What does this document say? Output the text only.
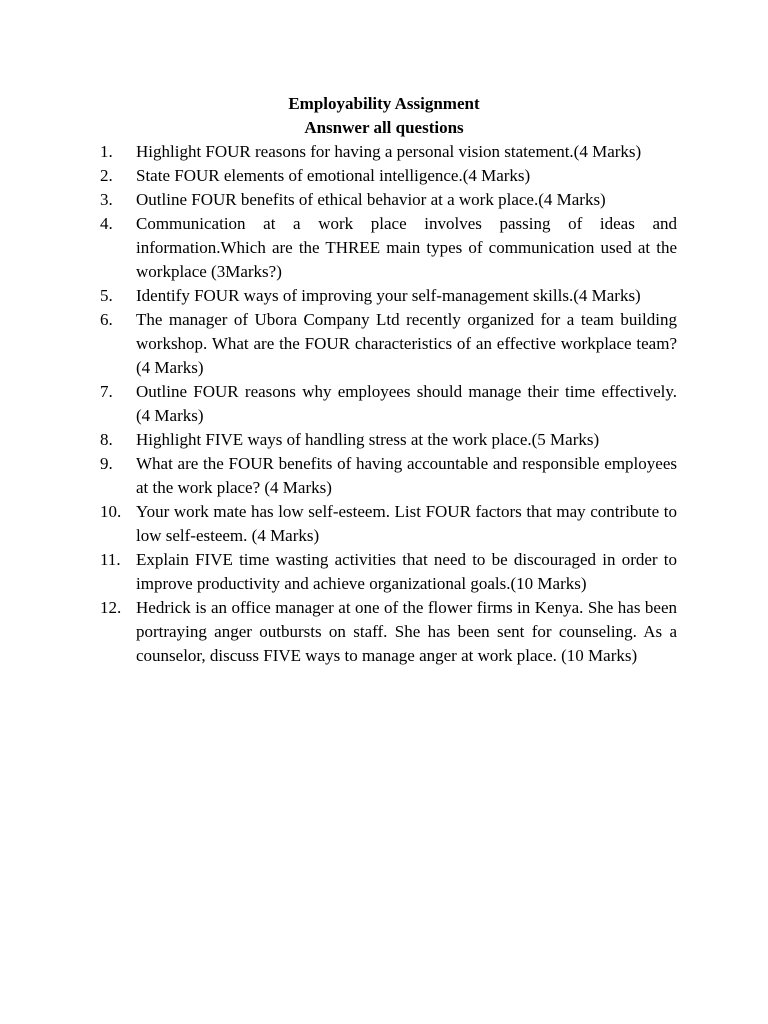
Employability Assignment
Ansnwer all questions
1.	Highlight FOUR reasons for having a personal vision statement.(4 Marks)
2.	State FOUR elements of emotional intelligence.(4 Marks)
3.	Outline FOUR benefits of ethical behavior at a work place.(4 Marks)
4.	Communication at a work place involves passing of ideas and information.Which are the THREE main types of communication used at the workplace (3Marks?)
5.	Identify FOUR ways of improving your self-management skills.(4 Marks)
6.	The manager of Ubora Company Ltd recently organized for a team building workshop. What are the FOUR characteristics of an effective workplace team?(4 Marks)
7.	Outline FOUR reasons why employees should manage their time effectively. (4 Marks)
8.	Highlight FIVE ways of handling stress at the work place.(5 Marks)
9.	What are the FOUR benefits of having accountable and responsible employees at the work place? (4 Marks)
10. Your work mate has low self-esteem. List FOUR factors that may contribute to low self-esteem. (4 Marks)
11. Explain FIVE time wasting activities that need to be discouraged in order to improve productivity and achieve organizational goals.(10 Marks)
12. Hedrick is an office manager at one of the flower firms in Kenya. She has been portraying anger outbursts on staff. She has been sent for counseling. As a counselor, discuss FIVE ways to manage anger at work place. (10 Marks)
